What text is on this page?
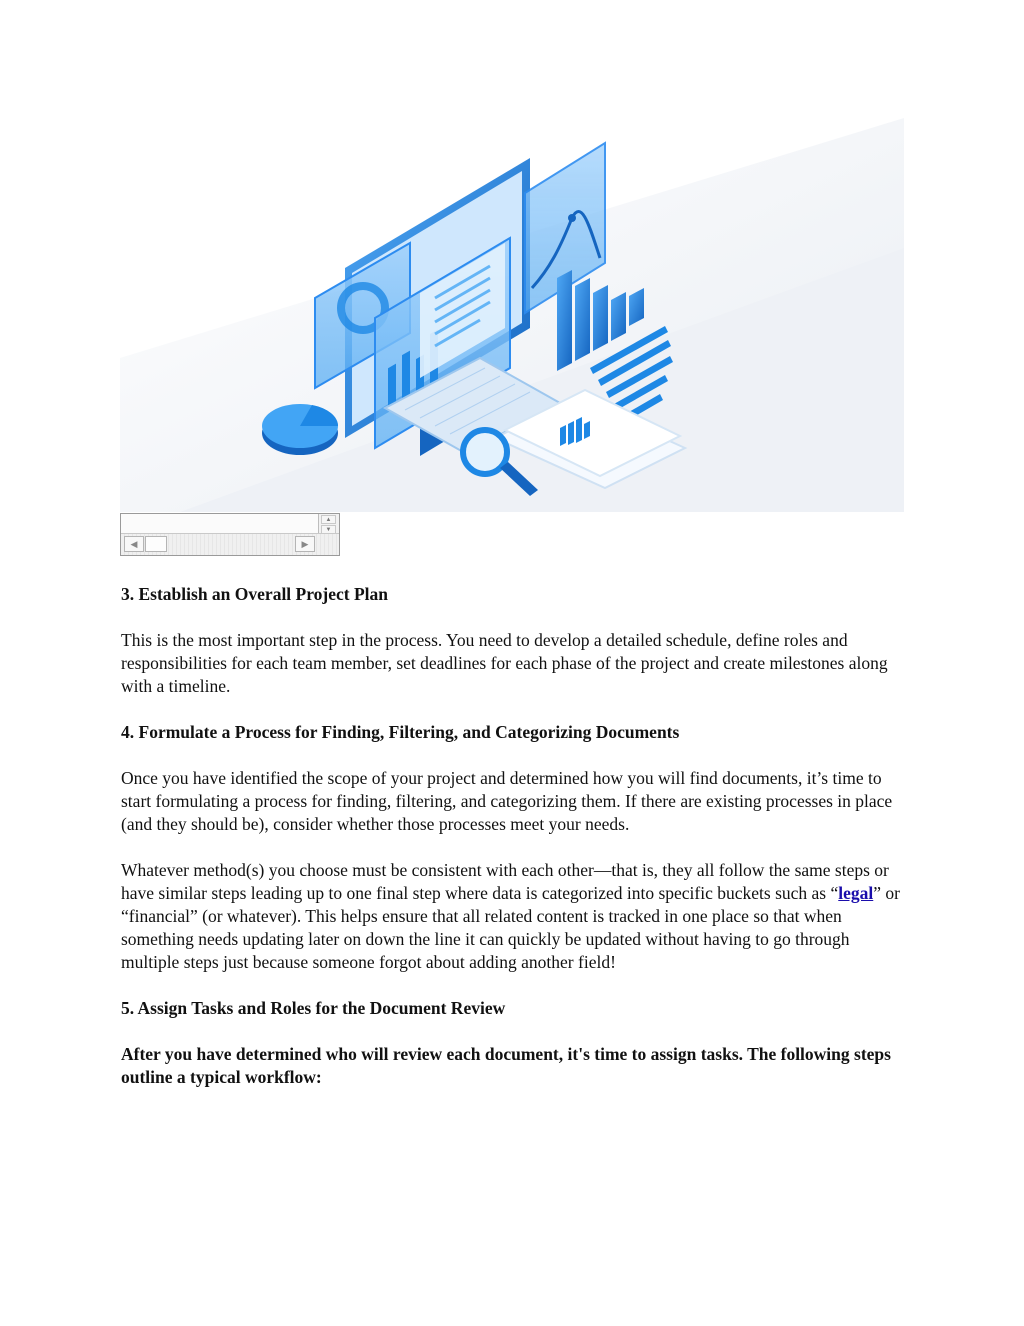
▲
▼
◀	▶
3. Establish an Overall Project Plan

This is the most important step in the process. You need to develop a detailed schedule, define roles and responsibilities for each team member, set deadlines for each phase of the project and create milestones along with a timeline.

4. Formulate a Process for Finding, Filtering, and Categorizing Documents

Once you have identified the scope of your project and determined how you will find documents, it’s time to start formulating a process for finding, filtering, and categorizing them. If there are existing processes in place (and they should be), consider whether those processes meet your needs.

Whatever method(s) you choose must be consistent with each other—that is, they all follow the same steps or have similar steps leading up to one final step where data is categorized into specific buckets such as “legal” or “financial” (or whatever). This helps ensure that all related content is tracked in one place so that when something needs updating later on down the line it can quickly be updated without having to go through multiple steps just because someone forgot about adding another field!

5. Assign Tasks and Roles for the Document Review

After you have determined who will review each document, it's time to assign tasks. The following steps outline a typical workflow:
